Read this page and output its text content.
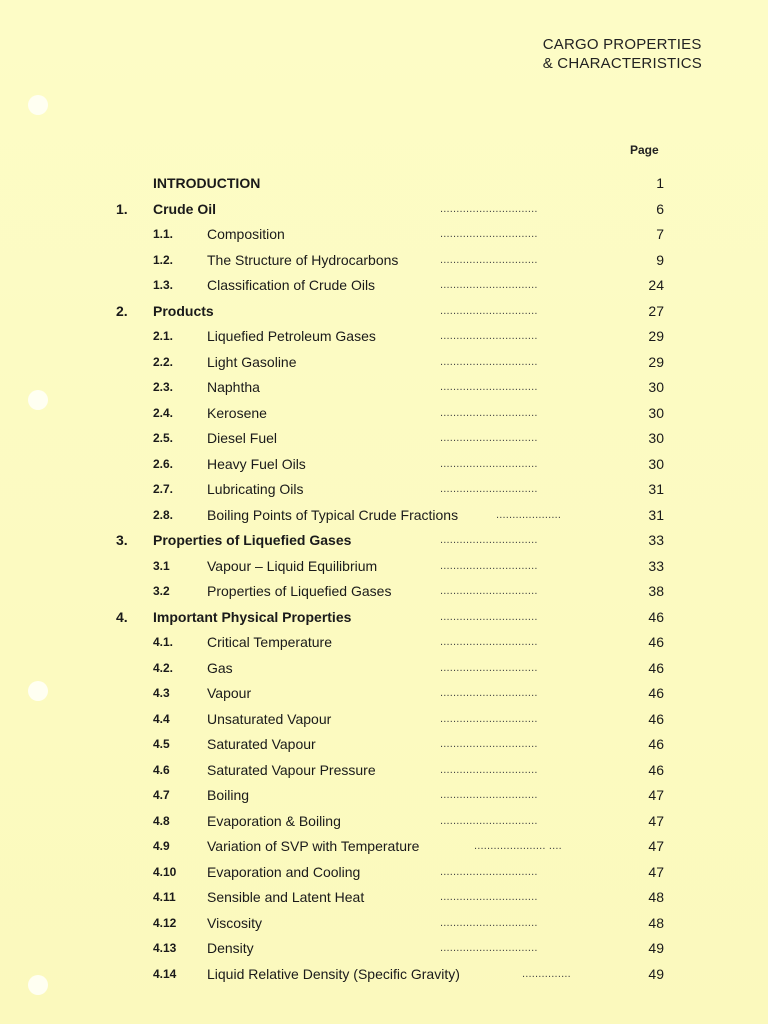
CARGO PROPERTIES
& CHARACTERISTICS
Page
INTRODUCTION	1
1. Crude Oil	..............................	6
1.1. Composition	..............................	7
1.2. The Structure of Hydrocarbons	..............................	9
1.3. Classification of Crude Oils	..............................	24
2. Products	..............................	27
2.1. Liquefied Petroleum Gases	..............................	29
2.2. Light Gasoline	..............................	29
2.3. Naphtha	..............................	30
2.4. Kerosene	..............................	30
2.5. Diesel Fuel	..............................	30
2.6. Heavy Fuel Oils	..............................	30
2.7. Lubricating Oils	..............................	31
2.8. Boiling Points of Typical Crude Fractions	....................	31
3. Properties of Liquefied Gases	..............................	33
3.1	Vapour – Liquid Equilibrium	..............................	33
3.2	Properties of Liquefied Gases	..............................	38
4. Important Physical Properties	..............................	46
4.1. Critical Temperature	..............................	46
4.2. Gas	..............................	46
4.3	Vapour	..............................	46
4.4	Unsaturated Vapour	..............................	46
4.5	Saturated Vapour	..............................	46
4.6	Saturated Vapour Pressure	..............................	46
4.7	Boiling	..............................	47
4.8	Evaporation & Boiling	..............................	47
4.9	Variation of SVP with Temperature	...................... ....	47
4.10 Evaporation and Cooling	..............................	47
4.11 Sensible and Latent Heat	..............................	48
4.12 Viscosity	..............................	48
4.13 Density	..............................	49
4.14 Liquid Relative Density (Specific Gravity)	...............	49
